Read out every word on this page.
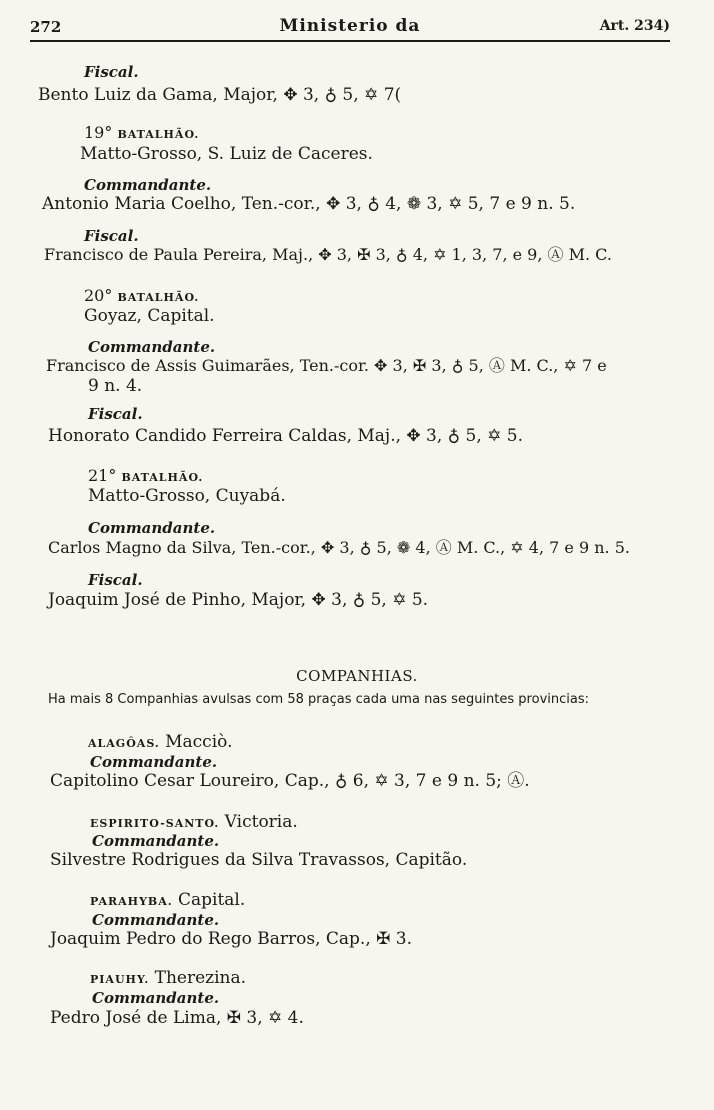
272	Ministerio da	Art. 234)
Fiscal.
Bento Luiz da Gama, Major, ✥ 3, ♁ 5, ✡ 7(
19° BATALHÃO.
Matto-Grosso, S. Luiz de Caceres.
Commandante.
Antonio Maria Coelho, Ten.-cor., ✥ 3, ♁ 4, ❁ 3, ✡ 5, 7 e 9 n. 5.
Fiscal.
Francisco de Paula Pereira, Maj., ✥ 3, ✠ 3, ♁ 4, ✡ 1, 3, 7, e 9, Ⓐ M. C.
20° BATALHÃO.
Goyaz, Capital.
Commandante.
Francisco de Assis Guimarães, Ten.-cor. ✥ 3, ✠ 3, ♁ 5, Ⓐ M. C., ✡ 7 e
9 n. 4.
Fiscal.
Honorato Candido Ferreira Caldas, Maj., ✥ 3, ♁ 5, ✡ 5.
21° BATALHÃO.
Matto-Grosso, Cuyabá.
Commandante.
Carlos Magno da Silva, Ten.-cor., ✥ 3, ♁ 5, ❁ 4, Ⓐ M. C., ✡ 4, 7 e 9 n. 5.
Fiscal.
Joaquim José de Pinho, Major, ✥ 3, ♁ 5, ✡ 5.
COMPANHIAS.
Ha mais 8 Companhias avulsas com 58 praças cada uma nas seguintes provincias:
ALAGÔAS. Macciò.
Commandante.
Capitolino Cesar Loureiro, Cap., ♁ 6, ✡ 3, 7 e 9 n. 5; Ⓐ.
ESPIRITO-SANTO. Victoria.
Commandante.
Silvestre Rodrigues da Silva Travassos, Capitão.
PARAHYBA. Capital.
Commandante.
Joaquim Pedro do Rego Barros, Cap., ✠ 3.
PIAUHY. Therezina.
Commandante.
Pedro José de Lima, ✠ 3, ✡ 4.
